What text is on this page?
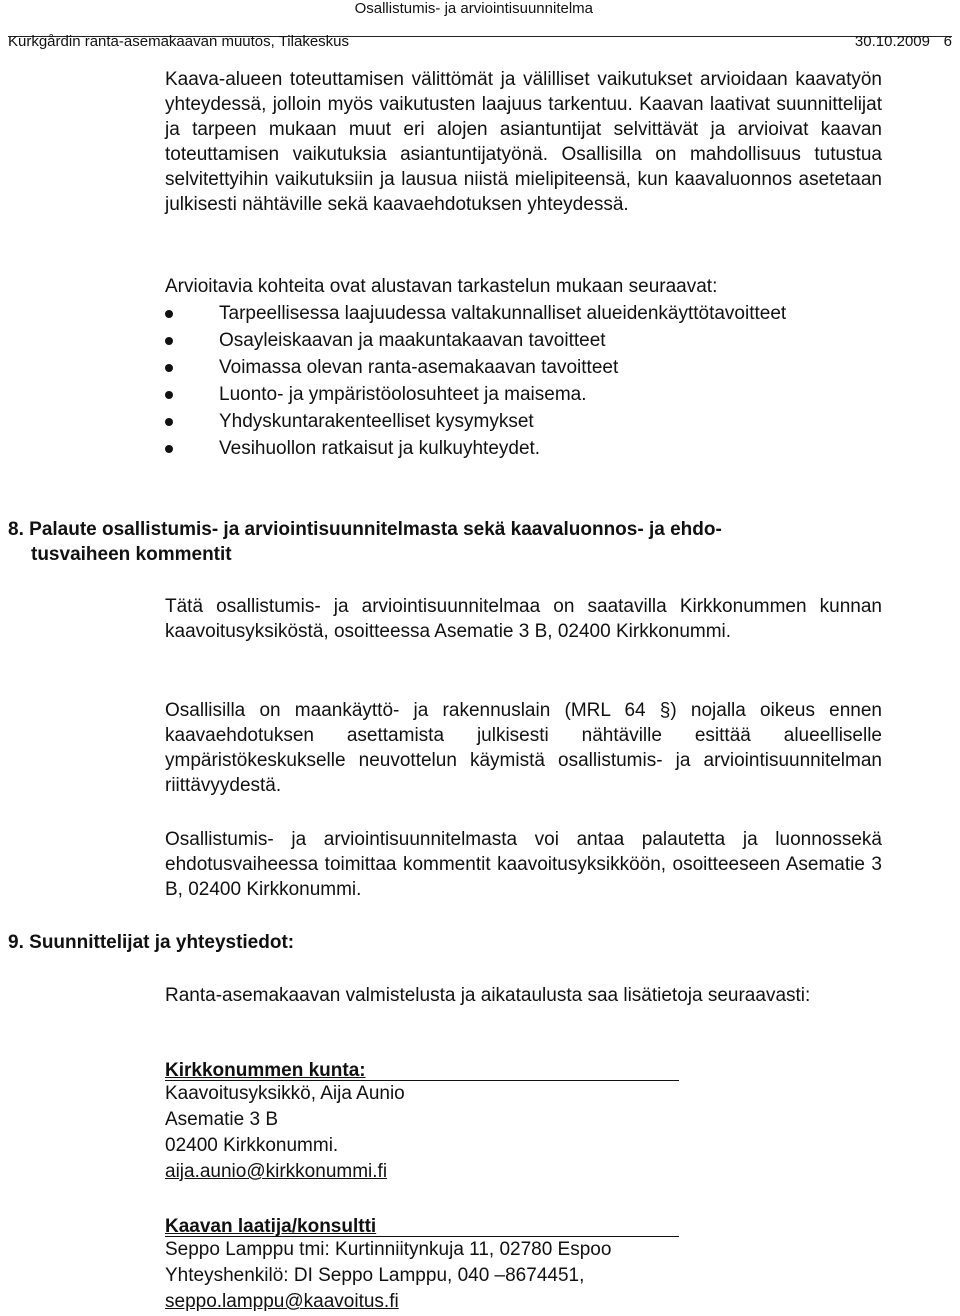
Osallistumis- ja arviointisuunnitelma
Kurkgårdin ranta-asemakaavan muutos, Tilakeskus	30.10.2009 6

Kaava-alueen toteuttamisen välittömät ja välilliset vaikutukset arvioidaan kaavatyön yhteydessä, jolloin myös vaikutusten laajuus tarkentuu. Kaavan laativat suunnittelijat ja tarpeen mukaan muut eri alojen asiantuntijat selvittävät ja arvioivat kaavan toteuttamisen vaikutuksia asiantuntijatyönä. Osallisilla on mahdollisuus tutustua selvitettyihin vaikutuksiin ja lausua niistä mielipiteensä, kun kaavaluonnos asetetaan julkisesti nähtäville sekä kaavaehdotuksen yhteydessä.

Arvioitavia kohteita ovat alustavan tarkastelun mukaan seuraavat:

Tarpeellisessa laajuudessa valtakunnalliset alueidenkäyttötavoitteet
Osayleiskaavan ja maakuntakaavan tavoitteet
Voimassa olevan ranta-asemakaavan tavoitteet
Luonto- ja ympäristöolosuhteet ja maisema.
Yhdyskuntarakenteelliset kysymykset
Vesihuollon ratkaisut ja kulkuyhteydet.
8. Palaute osallistumis- ja arviointisuunnitelmasta sekä kaavaluonnos- ja ehdo-
tusvaiheen kommentit

Tätä osallistumis- ja arviointisuunnitelmaa on saatavilla Kirkkonummen kunnan kaavoitusyksiköstä, osoitteessa Asematie 3 B, 02400 Kirkkonummi.

Osallisilla on maankäyttö- ja rakennuslain (MRL 64 §) nojalla oikeus ennen kaavaehdotuksen asettamista julkisesti nähtäville esittää alueelliselle ympäristökeskukselle neuvottelun käymistä osallistumis- ja arviointisuunnitelman riittävyydestä.

Osallistumis- ja arviointisuunnitelmasta voi antaa palautetta ja luonnossekä ehdotusvaiheessa toimittaa kommentit kaavoitusyksikköön, osoitteeseen Asematie 3 B, 02400 Kirkkonummi.

9. Suunnittelijat ja yhteystiedot:

Ranta-asemakaavan valmistelusta ja aikataulusta saa lisätietoja seuraavasti:

Kirkkonummen kunta:
Kaavoitusyksikkö, Aija Aunio
Asematie 3 B
02400 Kirkkonummi.
aija.aunio@kirkkonummi.fi
Kaavan laatija/konsultti
Seppo Lamppu tmi: Kurtinniitynkuja 11, 02780 Espoo
Yhteyshenkilö: DI Seppo Lamppu, 040 –8674451,
seppo.lamppu@kaavoitus.fi
